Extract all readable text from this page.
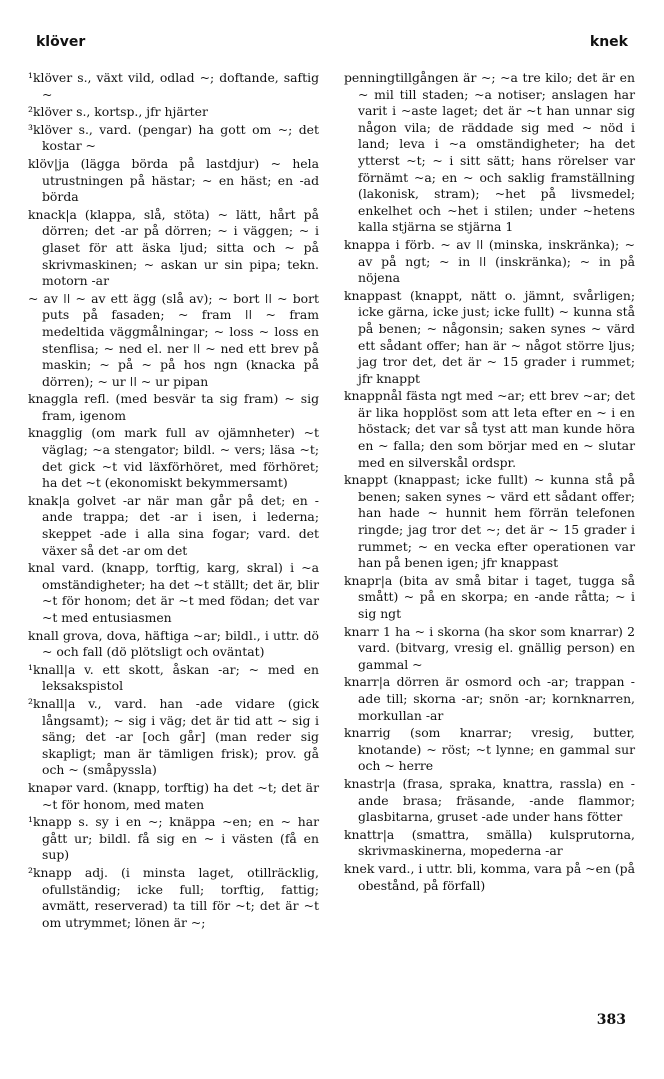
klöver	knek

¹klöver s., växt vild, odlad ~; doftande, saftig ~

²klöver s., kortsp., jfr hjärter

³klöver s., vard. (pengar) ha gott om ~; det kostar ~

klöv|ja (lägga börda på lastdjur) ~ hela utrustningen på hästar; ~ en häst; en -ad börda

knack|a (klappa, slå, stöta) ~ lätt, hårt på dörren; det -ar på dörren; ~ i väggen; ~ i glaset för att äska ljud; sitta och ~ på skrivmaskinen; ~ askan ur sin pipa; tekn. motorn -ar

~ av ǀǀ ~ av ett ägg (slå av); ~ bort ǀǀ ~ bort puts på fasaden; ~ fram ǀǀ ~ fram medeltida väggmålningar; ~ loss ~ loss en stenflisa; ~ ned el. ner ǀǀ ~ ned ett brev på maskin; ~ på ~ på hos ngn (knacka på dörren); ~ ur ǀǀ ~ ur pipan

knaggla refl. (med besvär ta sig fram) ~ sig fram, igenom

knagglig (om mark full av ojämnheter) ~t väglag; ~a stengator; bildl. ~ vers; läsa ~t; det gick ~t vid läxförhöret, med förhöret; ha det ~t (ekonomiskt bekymmersamt)

knak|a golvet -ar när man går på det; en -ande trappa; det -ar i isen, i lederna; skeppet -ade i alla sina fogar; vard. det växer så det -ar om det

knal vard. (knapp, torftig, karg, skral) i ~a omständigheter; ha det ~t ställt; det är, blir ~t för honom; det är ~t med födan; det var ~t med entusiasmen

knall grova, dova, häftiga ~ar; bildl., i uttr. dö ~ och fall (dö plötsligt och oväntat)

¹knall|a v. ett skott, åskan -ar; ~ med en leksakspistol

²knall|a v., vard. han -ade vidare (gick långsamt); ~ sig i väg; det är tid att ~ sig i säng; det -ar [och går] (man reder sig skapligt; man är tämligen frisk); prov. gå och ~ (småpyssla)

knapər vard. (knapp, torftig) ha det ~t; det är ~t för honom, med maten

¹knapp s. sy i en ~; knäppa ~en; en ~ har gått ur; bildl. få sig en ~ i västen (få en sup)

²knapp adj. (i minsta laget, otillräcklig, ofullständig; icke full; torftig, fattig; avmätt, reserverad) ta till för ~t; det är ~t om utrymmet; lönen är ~;

penningtillgången är ~; ~a tre kilo; det är en ~ mil till staden; ~a notiser; anslagen har varit i ~aste laget; det är ~t han unnar sig någon vila; de räddade sig med ~ nöd i land; leva i ~a omständigheter; ha det ytterst ~t; ~ i sitt sätt; hans rörelser var förnämt ~a; en ~ och saklig framställning (lakonisk, stram); ~het på livsmedel; enkelhet och ~het i stilen; under ~hetens kalla stjärna se stjärna 1

knappa i förb. ~ av ǀǀ (minska, inskränka); ~ av på ngt; ~ in ǀǀ (inskränka); ~ in på nöjena

knappast (knappt, nätt o. jämnt, svårligen; icke gärna, icke just; icke fullt) ~ kunna stå på benen; ~ någonsin; saken synes ~ värd ett sådant offer; han är ~ något större ljus; jag tror det, det är ~ 15 grader i rummet; jfr knappt

knappnål fästa ngt med ~ar; ett brev ~ar; det är lika hopplöst som att leta efter en ~ i en höstack; det var så tyst att man kunde höra en ~ falla; den som börjar med en ~ slutar med en silverskål ordspr.

knappt (knappast; icke fullt) ~ kunna stå på benen; saken synes ~ värd ett sådant offer; han hade ~ hunnit hem förrän telefonen ringde; jag tror det ~; det är ~ 15 grader i rummet; ~ en vecka efter operationen var han på benen igen; jfr knappast

knapr|a (bita av små bitar i taget, tugga så smått) ~ på en skorpa; en -ande råtta; ~ i sig ngt

knarr 1 ha ~ i skorna (ha skor som knarrar) 2 vard. (bitvarg, vresig el. gnällig person) en gammal ~

knarr|a dörren är osmord och -ar; trappan -ade till; skorna -ar; snön -ar; kornknarren, morkullan -ar

knarrig (som knarrar; vresig, butter, knotande) ~ röst; ~t lynne; en gammal sur och ~ herre

knastr|a (frasa, spraka, knattra, rassla) en -ande brasa; fräsande, -ande flammor; glasbitarna, gruset -ade under hans fötter

knattr|a (smattra, smälla) kulsprutorna, skrivmaskinerna, mopederna -ar

knek vard., i uttr. bli, komma, vara på ~en (på obestånd, på förfall)

383
